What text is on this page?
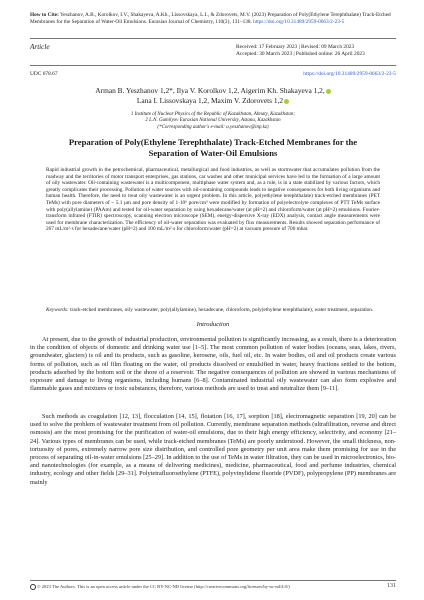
How to Cite: Yeszhanov, A.B., Korolkov, I.V., Shakayeva, A.Kh., Lissovskaya, L.I., & Zdorovets, M.V. (2023) Preparation of Poly(Ethylene Terephthalate) Track-Etched Membranes for the Separation of Water-Oil Emulsions. Eurasian Journal of Chemistry, 110(2), 131–138. https://doi.org/10.31489/2959-0663/2-23-5
Article	Received: 17 February 2023 | Revised: 09 March 2023
Accepted: 30 March 2023 | Published online: 26 April 2023
UDC 678.67	https://doi.org/10.31489/2959-0663/2-23-5
Arman B. Yeszhanov 1,2*, Ilya V. Korolkov 1,2, Aigerim Kh. Shakayeva 1,2,
Lana I. Lissovskaya 1,2, Maxim V. Zdorovets 1,2
1 Institute of Nuclear Physics of the Republic of Kazakhstan, Almaty, Kazakhstan;
2 L.N. Gumilyov Eurasian National University, Astana, Kazakhstan
(*Corresponding author's e-mail: a.yeszhanov@inp.kz)
Preparation of Poly(Ethylene Terephthalate) Track-Etched Membranes for the Separation of Water-Oil Emulsions
Rapid industrial growth in the petrochemical, pharmaceutical, metallurgical and food industries, as well as stormwater that accumulates pollution from the roadway and the territories of motor transport enterprises, gas stations, car washes and other municipal services have led to the formation of a large amount of oily wastewater. Oil-containing wastewater is a multicomponent, multiphase water system and, as a rule, is in a state stabilized by various factors, which greatly complicates their processing. Pollution of water sources with oil-containing compounds leads to negative consequences for both living organisms and human health. Therefore, the need to treat oily wastewater is an urgent problem. In this article, polyethylene terephthalate) track-etched membranes (PET TeMs) with pore diameters of ~ 5.1 μm and pore density of 1·10⁶ pore/cm² were modified by formation of polyelectrolyte complexes of PTT TeMs surface with poly(allylamine) (PAAm) and tested for oil-water separation by using hexadecane/water (at pH=2) and chloroform/water (at pH=2) emulsions. Fourier-transform infrared (FTIR) spectroscopy, scanning electron microscope (SEM), energy-dispersive X-ray (EDX) analysis, contact angle measurements were used for membrane characterization. The efficiency of oil-water separation was evaluated by flux measurements. Results showed separation performance of 267 mL/m²·s for hexadecane/water (pH=2) and 100 mL/m²·s for chloroform/water (pH=2) at vacuum pressure of 700 mbar.
Keywords: track-etched membranes, oily wastewater, poly(allylamine), hexadecane, chloroform, poly(ethylene terephthalate), water treatment, separation.
Introduction
At present, due to the growth of industrial production, environmental pollution is significantly increasing, as a result, there is a deterioration in the condition of objects of domestic and drinking water use [1–5]. The most common pollution of water bodies (oceans, seas, lakes, rivers, groundwater, glaciers) is oil and its products, such as gasoline, kerosene, oils, fuel oil, etc. In water bodies, oil and oil products create various forms of pollution, such as oil film floating on the water, oil products dissolved or emulsified in water, heavy fractions settled to the bottom, products adsorbed by the bottom soil or the shore of a reservoir. The negative consequences of pollution are showed in various mechanisms of exposure and damage to living organisms, including humans [6–8]. Contaminated industrial oily wastewater can also form explosive and flammable gases and mixtures or toxic substances, therefore, various methods are used to treat and neutralize them [9–11].
Such methods as coagulation [12, 13], flocculation [14, 15], flotation [16, 17], sorption [18], electromagnetic separation [19, 20] can be used to solve the problem of wastewater treatment from oil pollution. Currently, membrane separation methods (ultrafiltration, reverse and direct osmosis) are the most promising for the purification of water-oil emulsions, due to their high energy efficiency, selectivity, and economy [21–24]. Various types of membranes can be used, while track-etched membranes (TeMs) are poorly understood. However, the small thickness, non-tortuosity of pores, extremely narrow pore size distribution, and controlled pore geometry per unit area make them promising for use in the process of separating oil-in-water emulsions [25–29]. In addition to the use of TeMs in water filtration, they can be used in microelectronics, bio- and nanotechnologies (for example, as a means of delivering medicines), medicine, pharmaceutical, food and perfume industries, chemical industry, ecology and other fields [29–31]. Polytetrafluoroethylene (PTFE), polyvinylidene fluoride (PVDF), polypropylene (PP) membranes are mainly
© 2023 The Authors. This is an open access article under the CC BY-NC-ND license (http://creativecommons.org/licenses/by-nc-nd/4.0/)	131
